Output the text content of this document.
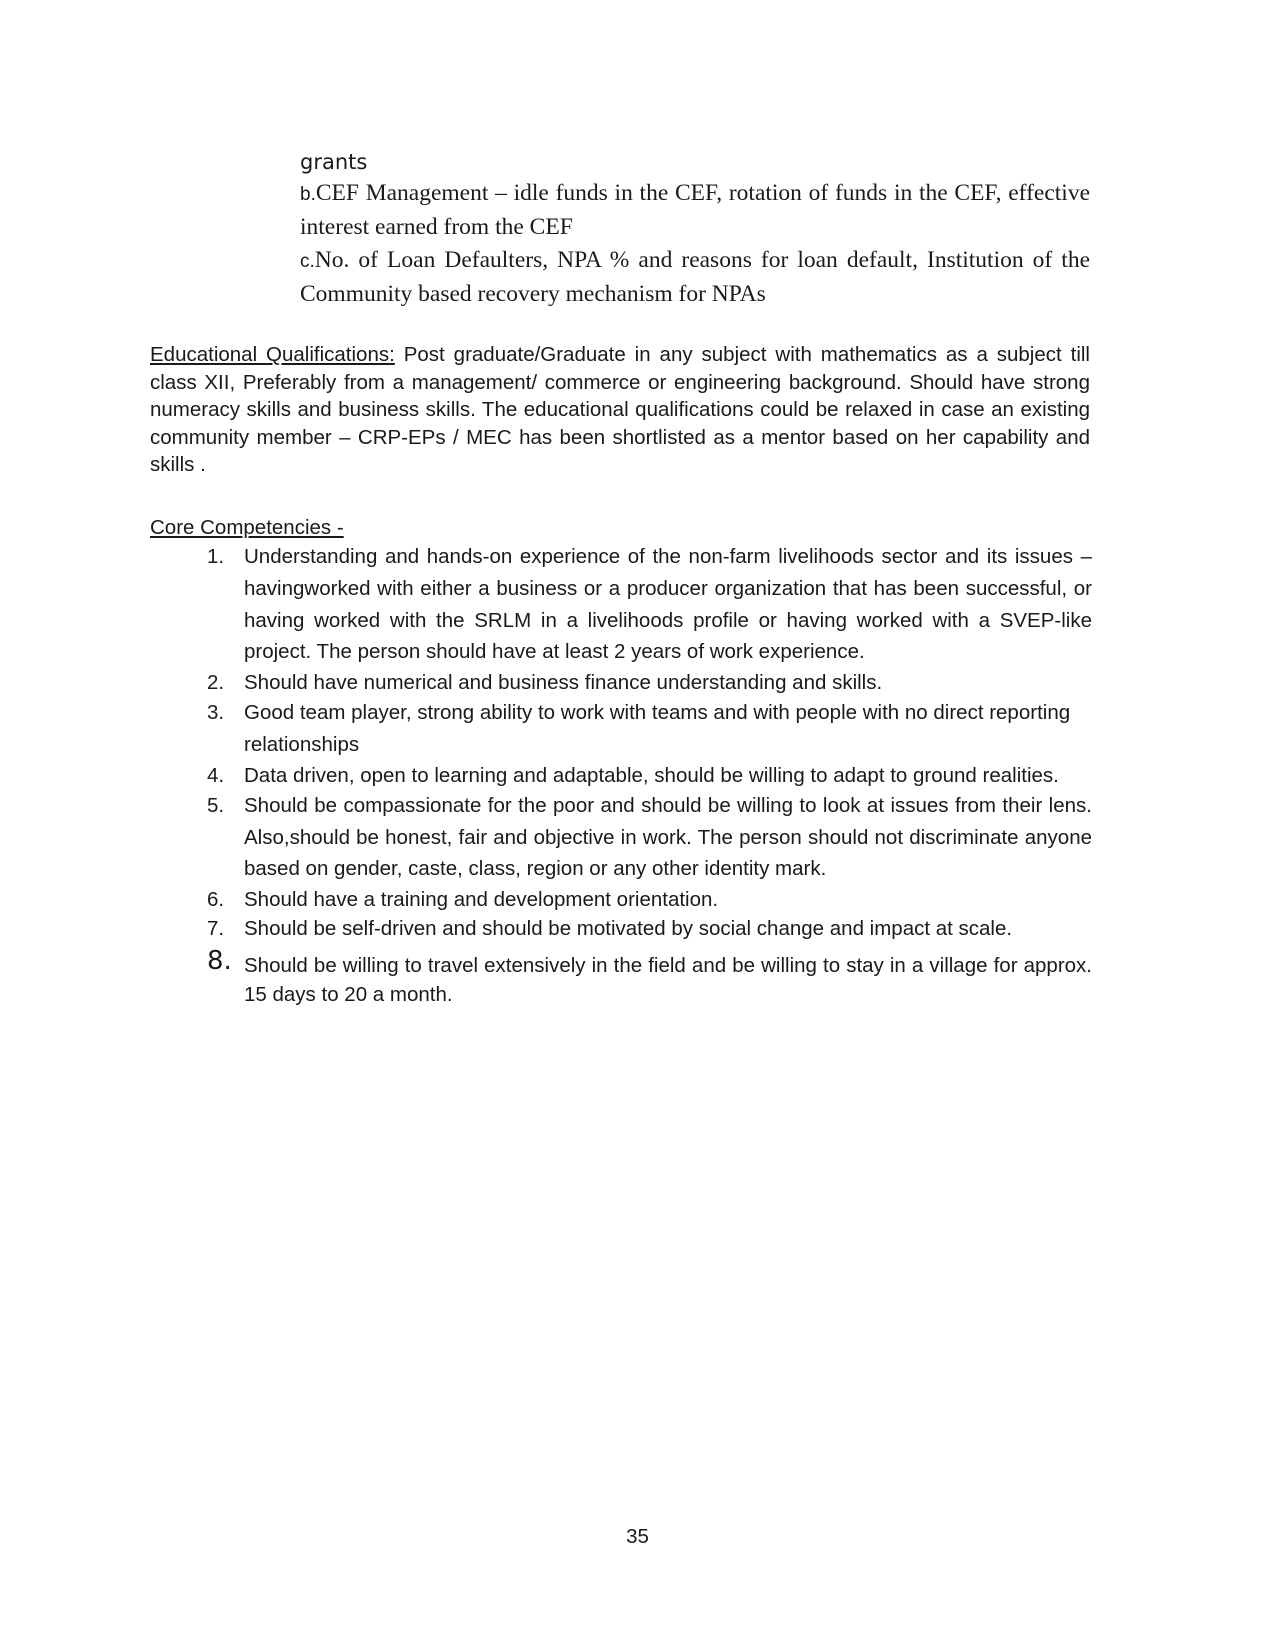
grants
b.CEF Management – idle funds in the CEF, rotation of funds in the CEF, effective interest earned from the CEF
c.No. of Loan Defaulters, NPA % and reasons for loan default, Institution of the Community based recovery mechanism for NPAs
Educational Qualifications: Post graduate/Graduate in any subject with mathematics as a subject till class XII, Preferably from a management/ commerce or engineering background. Should have strong numeracy skills and business skills. The educational qualifications could be relaxed in case an existing community member – CRP-EPs / MEC has been shortlisted as a mentor based on her capability and skills .
Core Competencies -
1. Understanding and hands-on experience of the non-farm livelihoods sector and its issues – havingworked with either a business or a producer organization that has been successful, or having worked with the SRLM in a livelihoods profile or having worked with a SVEP-like project. The person should have at least 2 years of work experience.
2. Should have numerical and business finance understanding and skills.
3. Good team player, strong ability to work with teams and with people with no direct reporting relationships
4. Data driven, open to learning and adaptable, should be willing to adapt to ground realities.
5. Should be compassionate for the poor and should be willing to look at issues from their lens. Also,should be honest, fair and objective in work. The person should not discriminate anyone based on gender, caste, class, region or any other identity mark.
6. Should have a training and development orientation.
7. Should be self-driven and should be motivated by social change and impact at scale.
8. Should be willing to travel extensively in the field and be willing to stay in a village for approx. 15 days to 20 a month.
35
